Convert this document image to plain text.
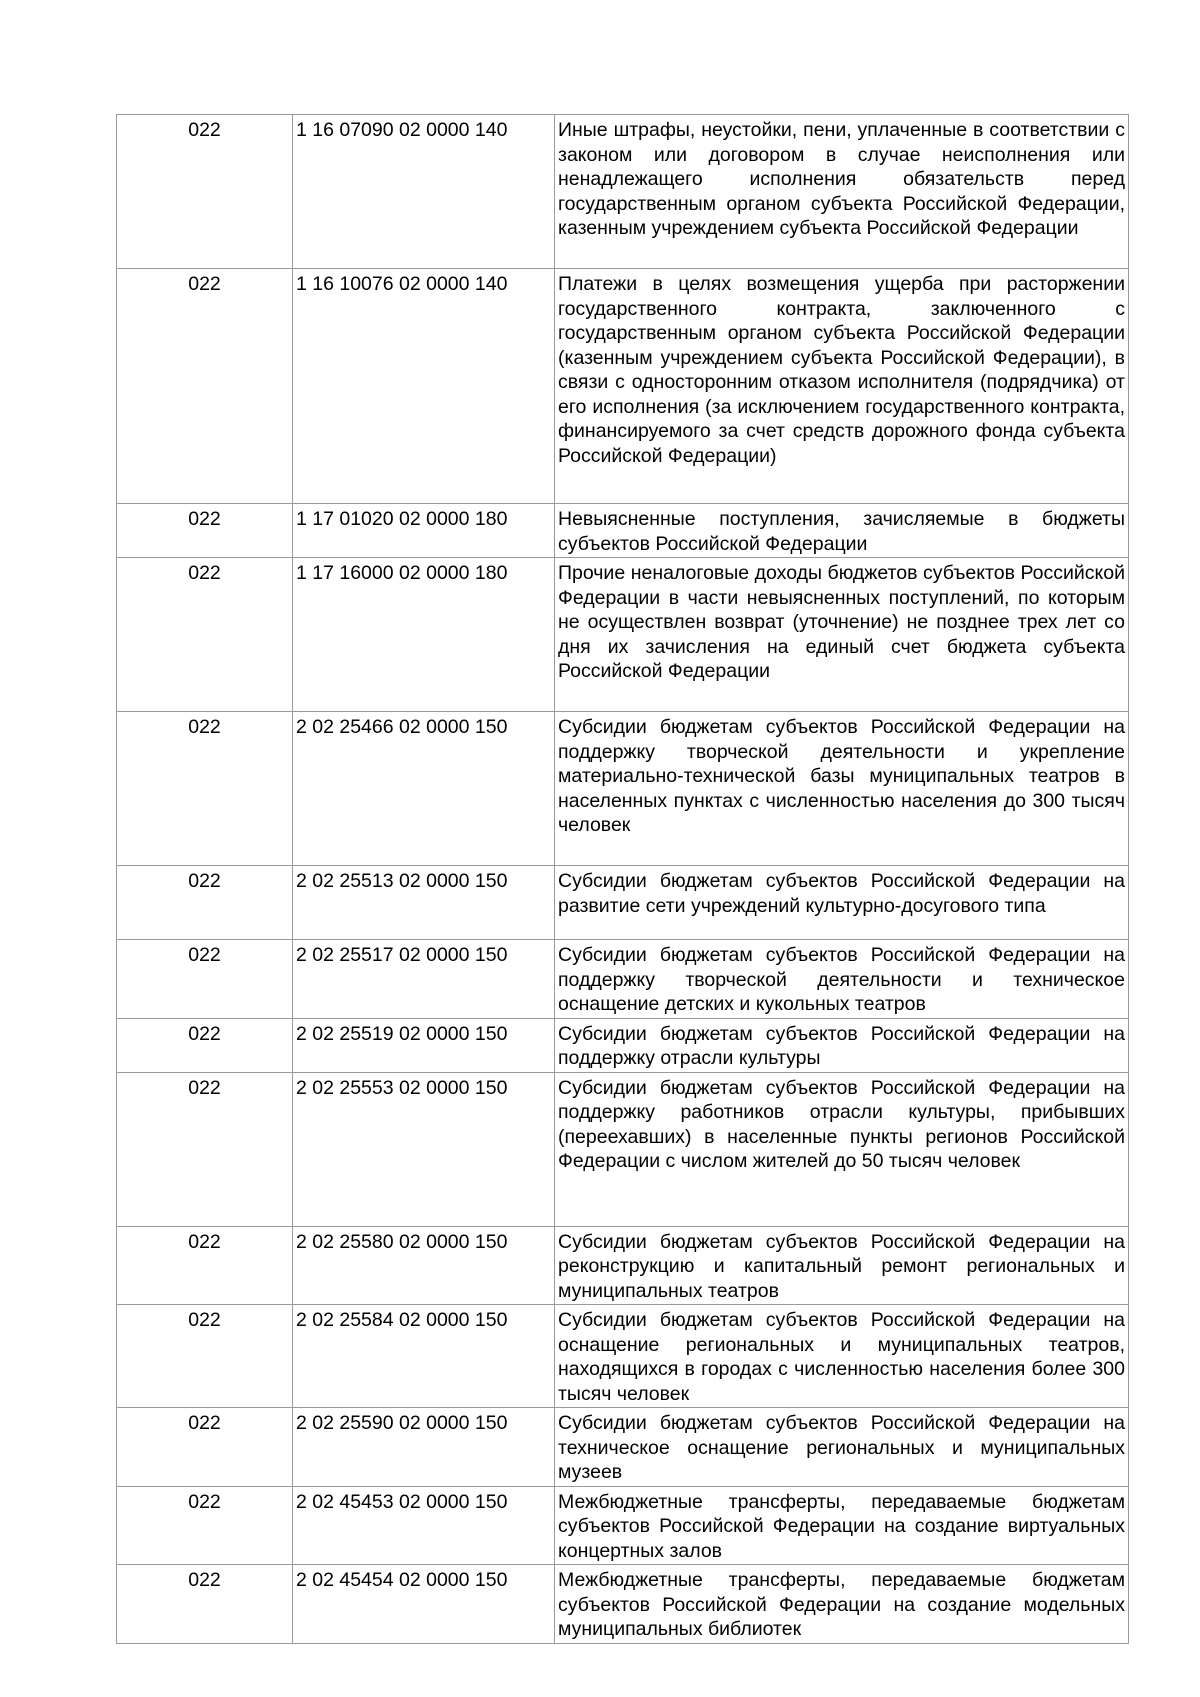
022	1 16 07090 02 0000 140	Иные штрафы, неустойки, пени, уплаченные в соответствии с законом или договором в случае неисполнения или ненадлежащего исполнения обязательств перед государственным органом субъекта Российской Федерации, казенным учреждением субъекта Российской Федерации
022	1 16 10076 02 0000 140	Платежи в целях возмещения ущерба при расторжении государственного контракта, заключенного с государственным органом субъекта Российской Федерации (казенным учреждением субъекта Российской Федерации), в связи с односторонним отказом исполнителя (подрядчика) от его исполнения (за исключением государственного контракта, финансируемого за счет средств дорожного фонда субъекта Российской Федерации)
022	1 17 01020 02 0000 180	Невыясненные поступления, зачисляемые в бюджеты субъектов Российской Федерации
022	1 17 16000 02 0000 180	Прочие неналоговые доходы бюджетов субъектов Российской Федерации в части невыясненных поступлений, по которым не осуществлен возврат (уточнение) не позднее трех лет со дня их зачисления на единый счет бюджета субъекта Российской Федерации
022	2 02 25466 02 0000 150	Субсидии бюджетам субъектов Российской Федерации на поддержку творческой деятельности и укрепление материально-технической базы муниципальных театров в населенных пунктах с численностью населения до 300 тысяч человек
022	2 02 25513 02 0000 150	Субсидии бюджетам субъектов Российской Федерации на развитие сети учреждений культурно-досугового типа
022	2 02 25517 02 0000 150	Субсидии бюджетам субъектов Российской Федерации на поддержку творческой деятельности и техническое оснащение детских и кукольных театров
022	2 02 25519 02 0000 150	Субсидии бюджетам субъектов Российской Федерации на поддержку отрасли культуры
022	2 02 25553 02 0000 150	Субсидии бюджетам субъектов Российской Федерации на поддержку работников отрасли культуры, прибывших (переехавших) в населенные пункты регионов Российской Федерации с числом жителей до 50 тысяч человек
022	2 02 25580 02 0000 150	Субсидии бюджетам субъектов Российской Федерации на реконструкцию и капитальный ремонт региональных и муниципальных театров
022	2 02 25584 02 0000 150	Субсидии бюджетам субъектов Российской Федерации на оснащение региональных и муниципальных театров, находящихся в городах с численностью населения более 300 тысяч человек
022	2 02 25590 02 0000 150	Субсидии бюджетам субъектов Российской Федерации на техническое оснащение региональных и муниципальных музеев
022	2 02 45453 02 0000 150	Межбюджетные трансферты, передаваемые бюджетам субъектов Российской Федерации на создание виртуальных концертных залов
022	2 02 45454 02 0000 150	Межбюджетные трансферты, передаваемые бюджетам субъектов Российской Федерации на создание модельных муниципальных библиотек
